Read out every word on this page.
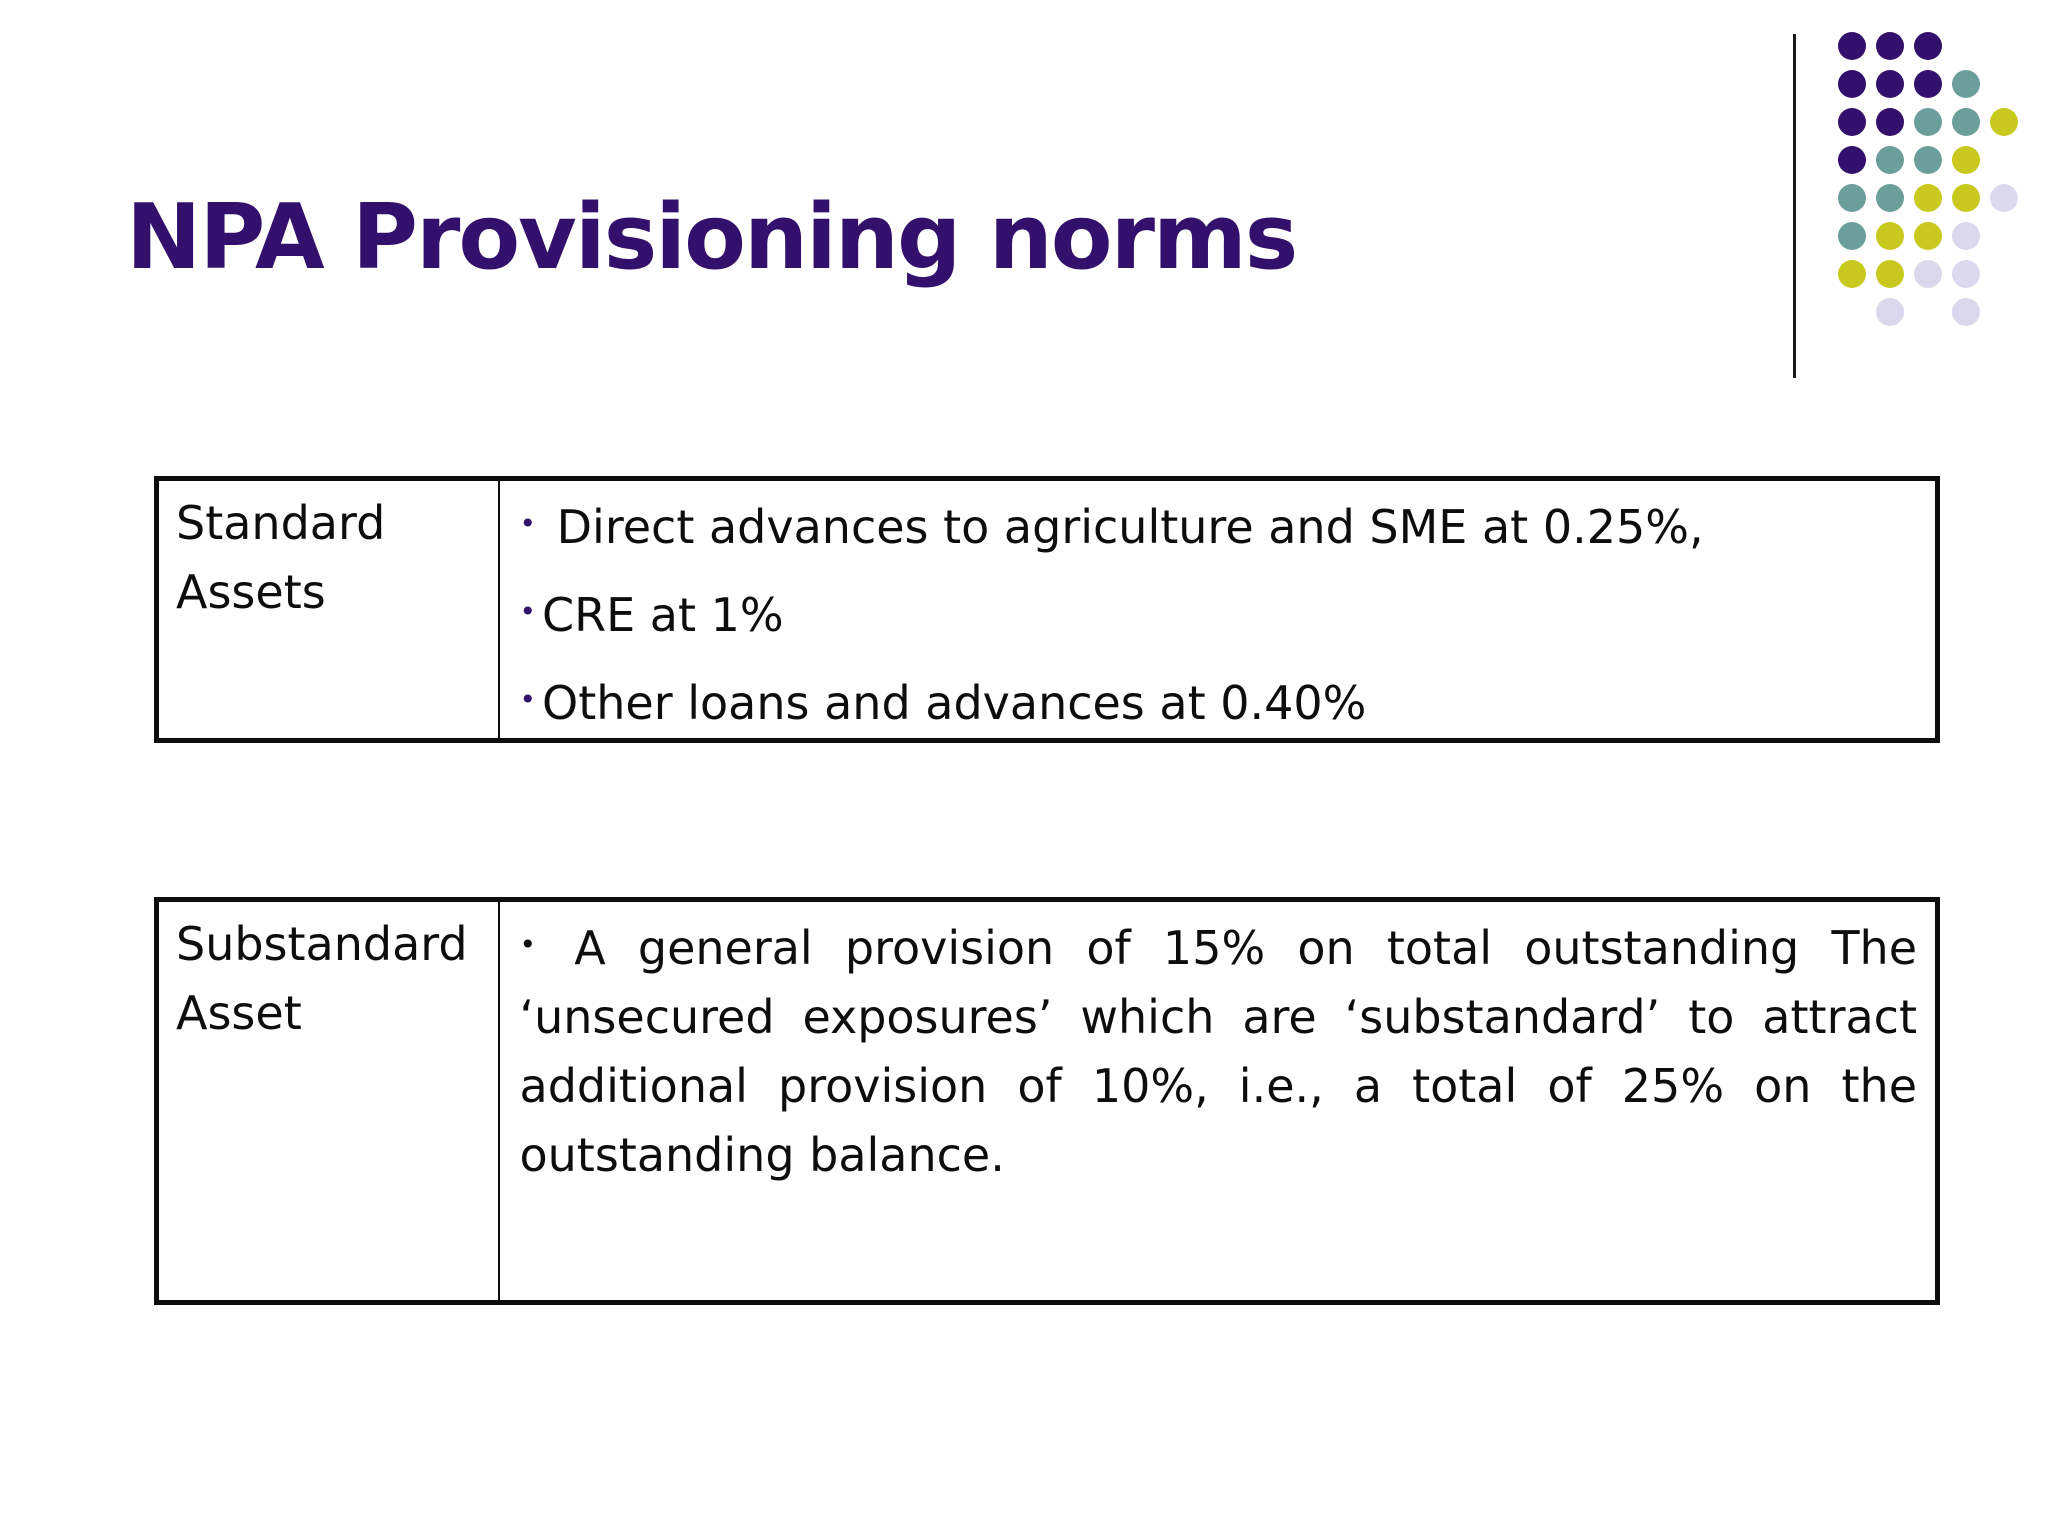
NPA Provisioning norms
Standard Assets	

• Direct advances to agriculture and SME at 0.25%,

• CRE at 1%

• Other loans and advances at 0.40%

Substandard Asset	

• A general provision of 15% on total outstanding The ‘unsecured exposures’ which are ‘substandard’ to attract additional provision of 10%, i.e., a total of 25% on the outstanding balance.
